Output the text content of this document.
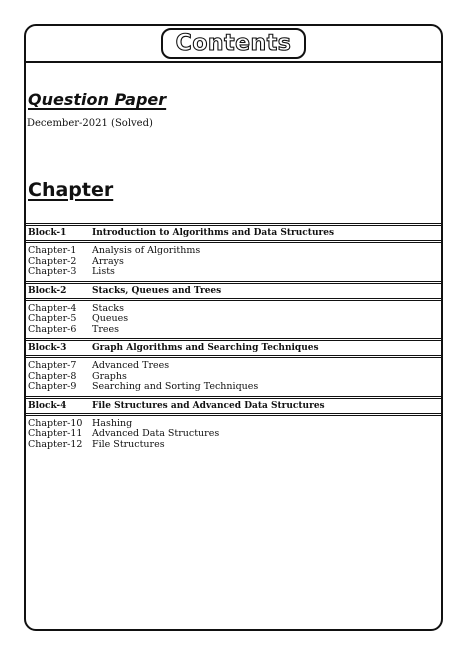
Contents
Question Paper
December-2021 (Solved)
Chapter
Block-1	Introduction to Algorithms and Data Structures
Chapter-1	Analysis of Algorithms
Chapter-2	Arrays
Chapter-3	Lists
Block-2	Stacks, Queues and Trees
Chapter-4	Stacks
Chapter-5	Queues
Chapter-6	Trees
Block-3	Graph Algorithms and Searching Techniques
Chapter-7	Advanced Trees
Chapter-8	Graphs
Chapter-9	Searching and Sorting Techniques
Block-4	File Structures and Advanced Data Structures
Chapter-10	Hashing
Chapter-11	Advanced Data Structures
Chapter-12	File Structures
